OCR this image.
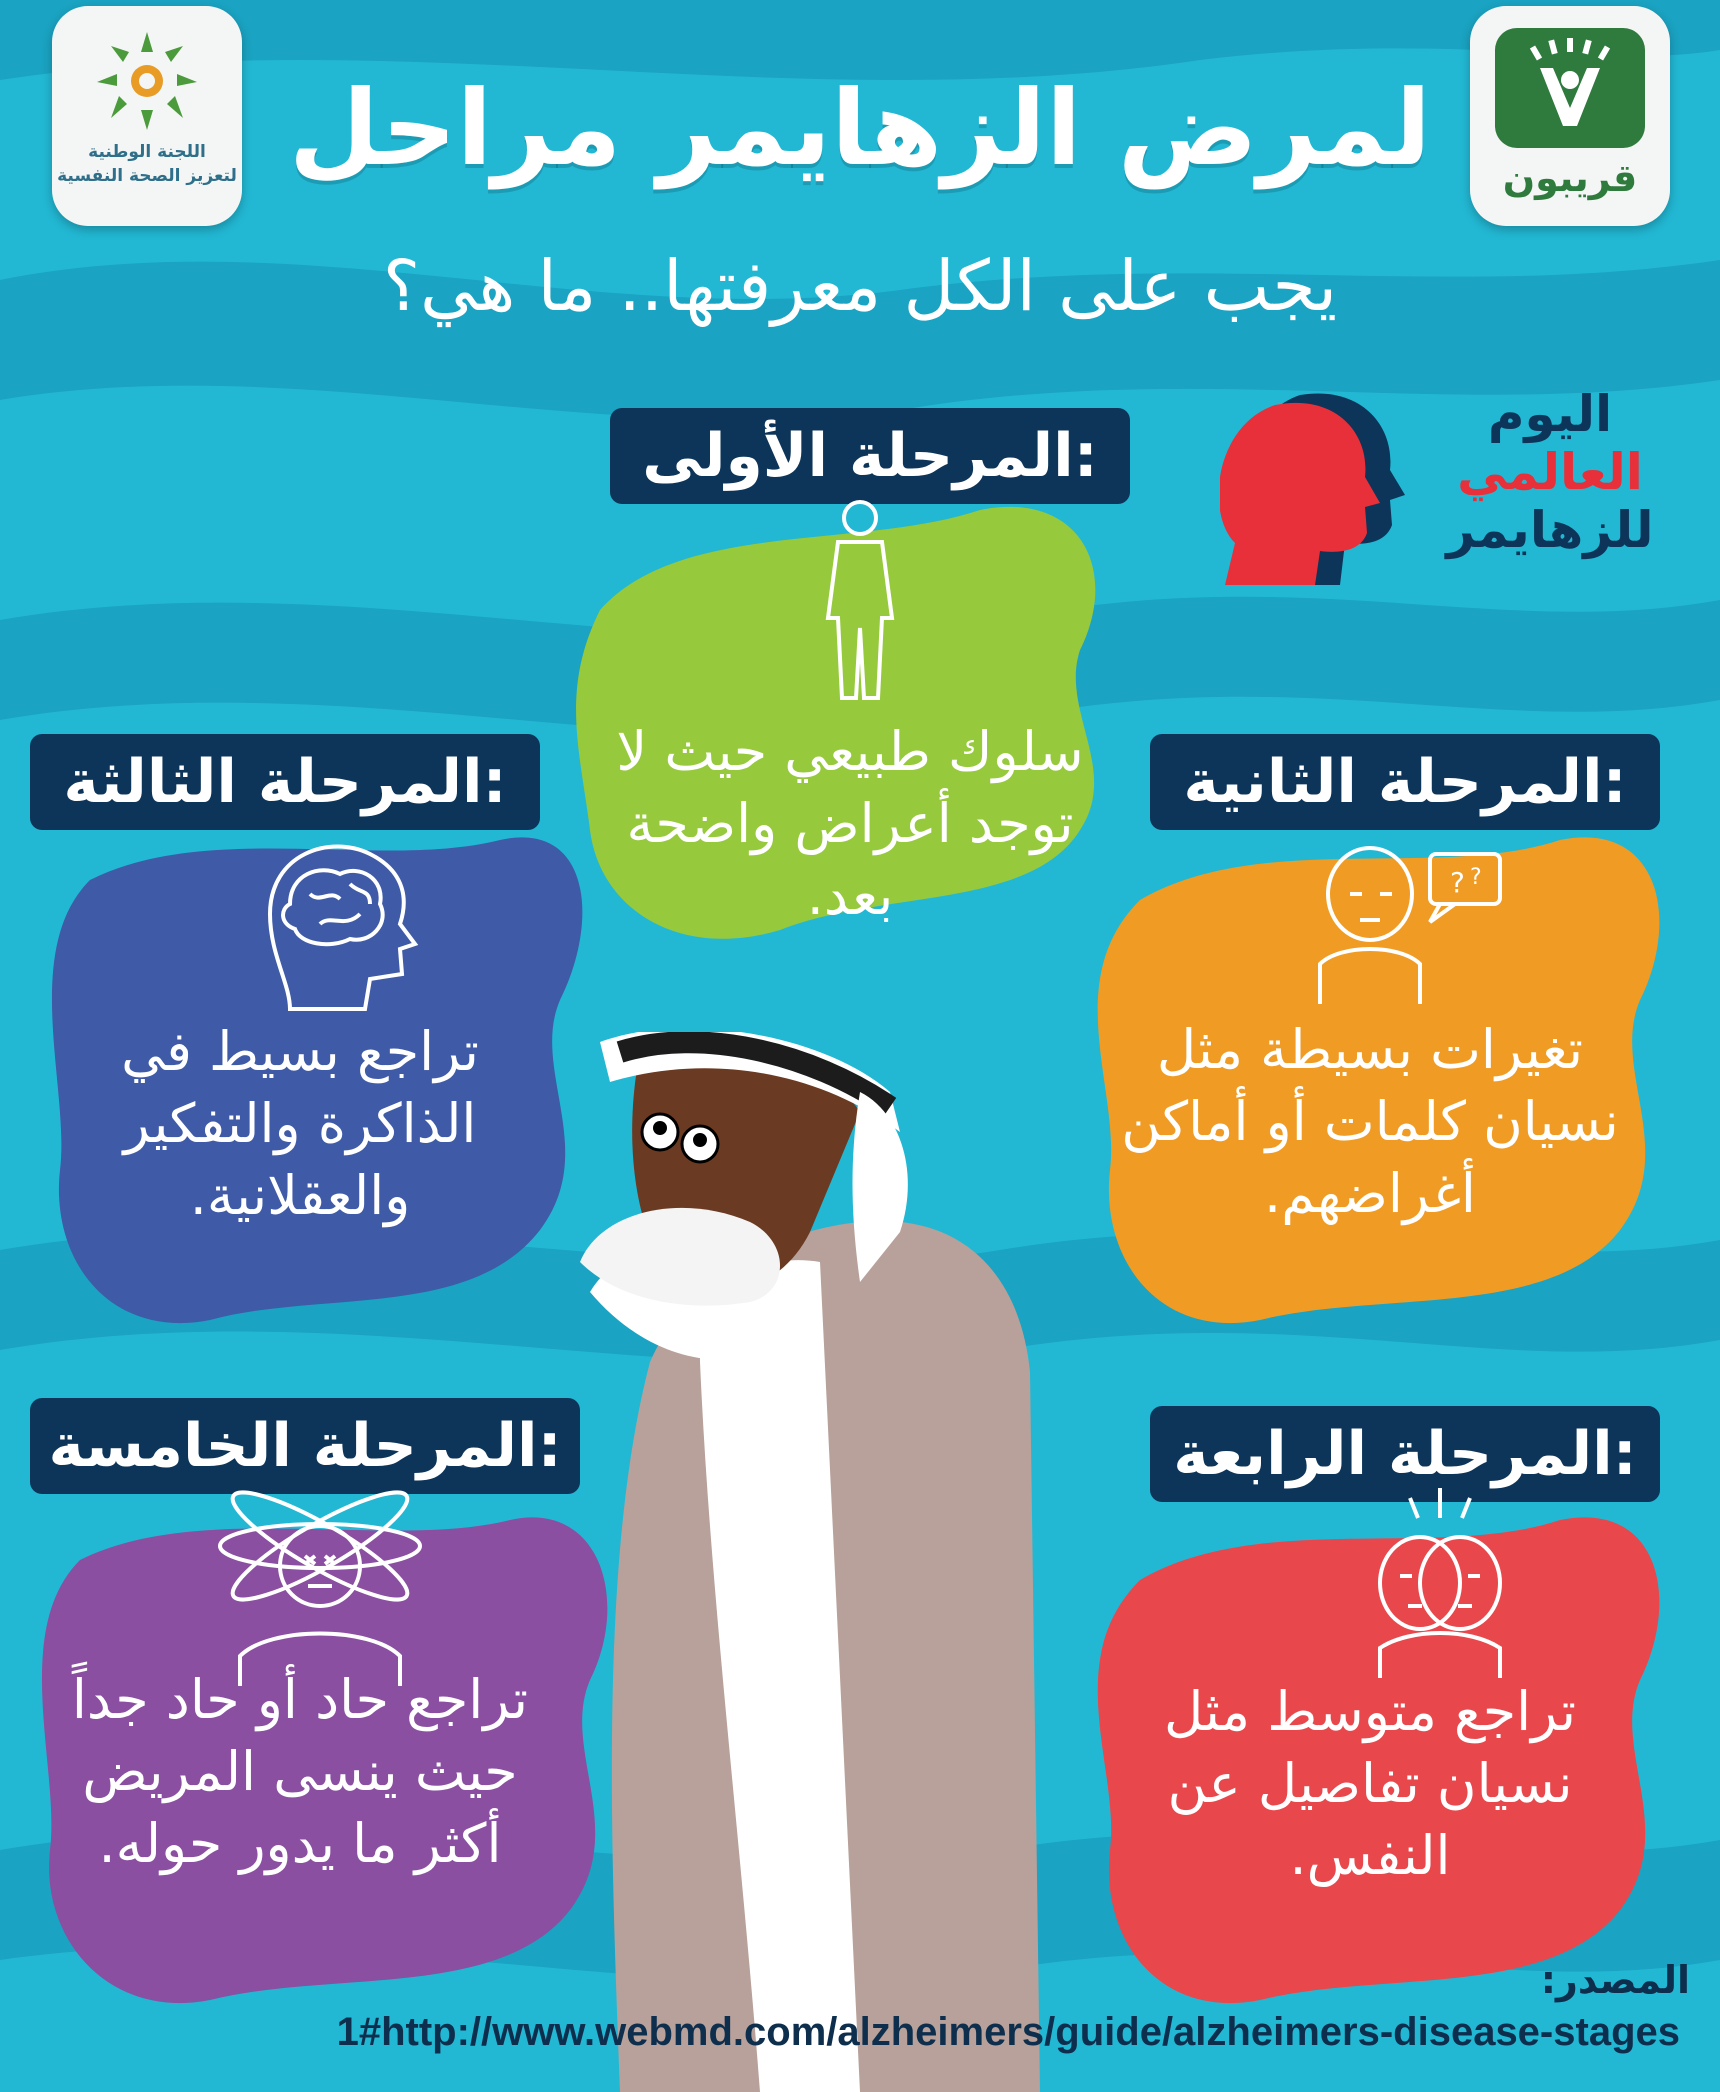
قريبون
اللجنة الوطنية
لتعزيز الصحة النفسية لمرض الزهايمر مراحل
يجب على الكل معرفتها.. ما هي؟
اليوم
العالمي
للزهايمر
المرحلة الأولى:
سلوك طبيعي حيث لا توجد أعراض واضحة بعد.
المرحلة الثانية:
? ?
تغيرات بسيطة مثل نسيان كلمات أو أماكن أغراضهم.
المرحلة الثالثة:
تراجع بسيط في الذاكرة والتفكير والعقلانية.
المرحلة الرابعة:
تراجع متوسط مثل نسيان تفاصيل عن النفس.
المرحلة الخامسة:
تراجع حاد أو حاد جداً حيث ينسى المريض أكثر ما يدور حوله.
المصدر:
1#http://www.webmd.com/alzheimers/guide/alzheimers-disease-stages
